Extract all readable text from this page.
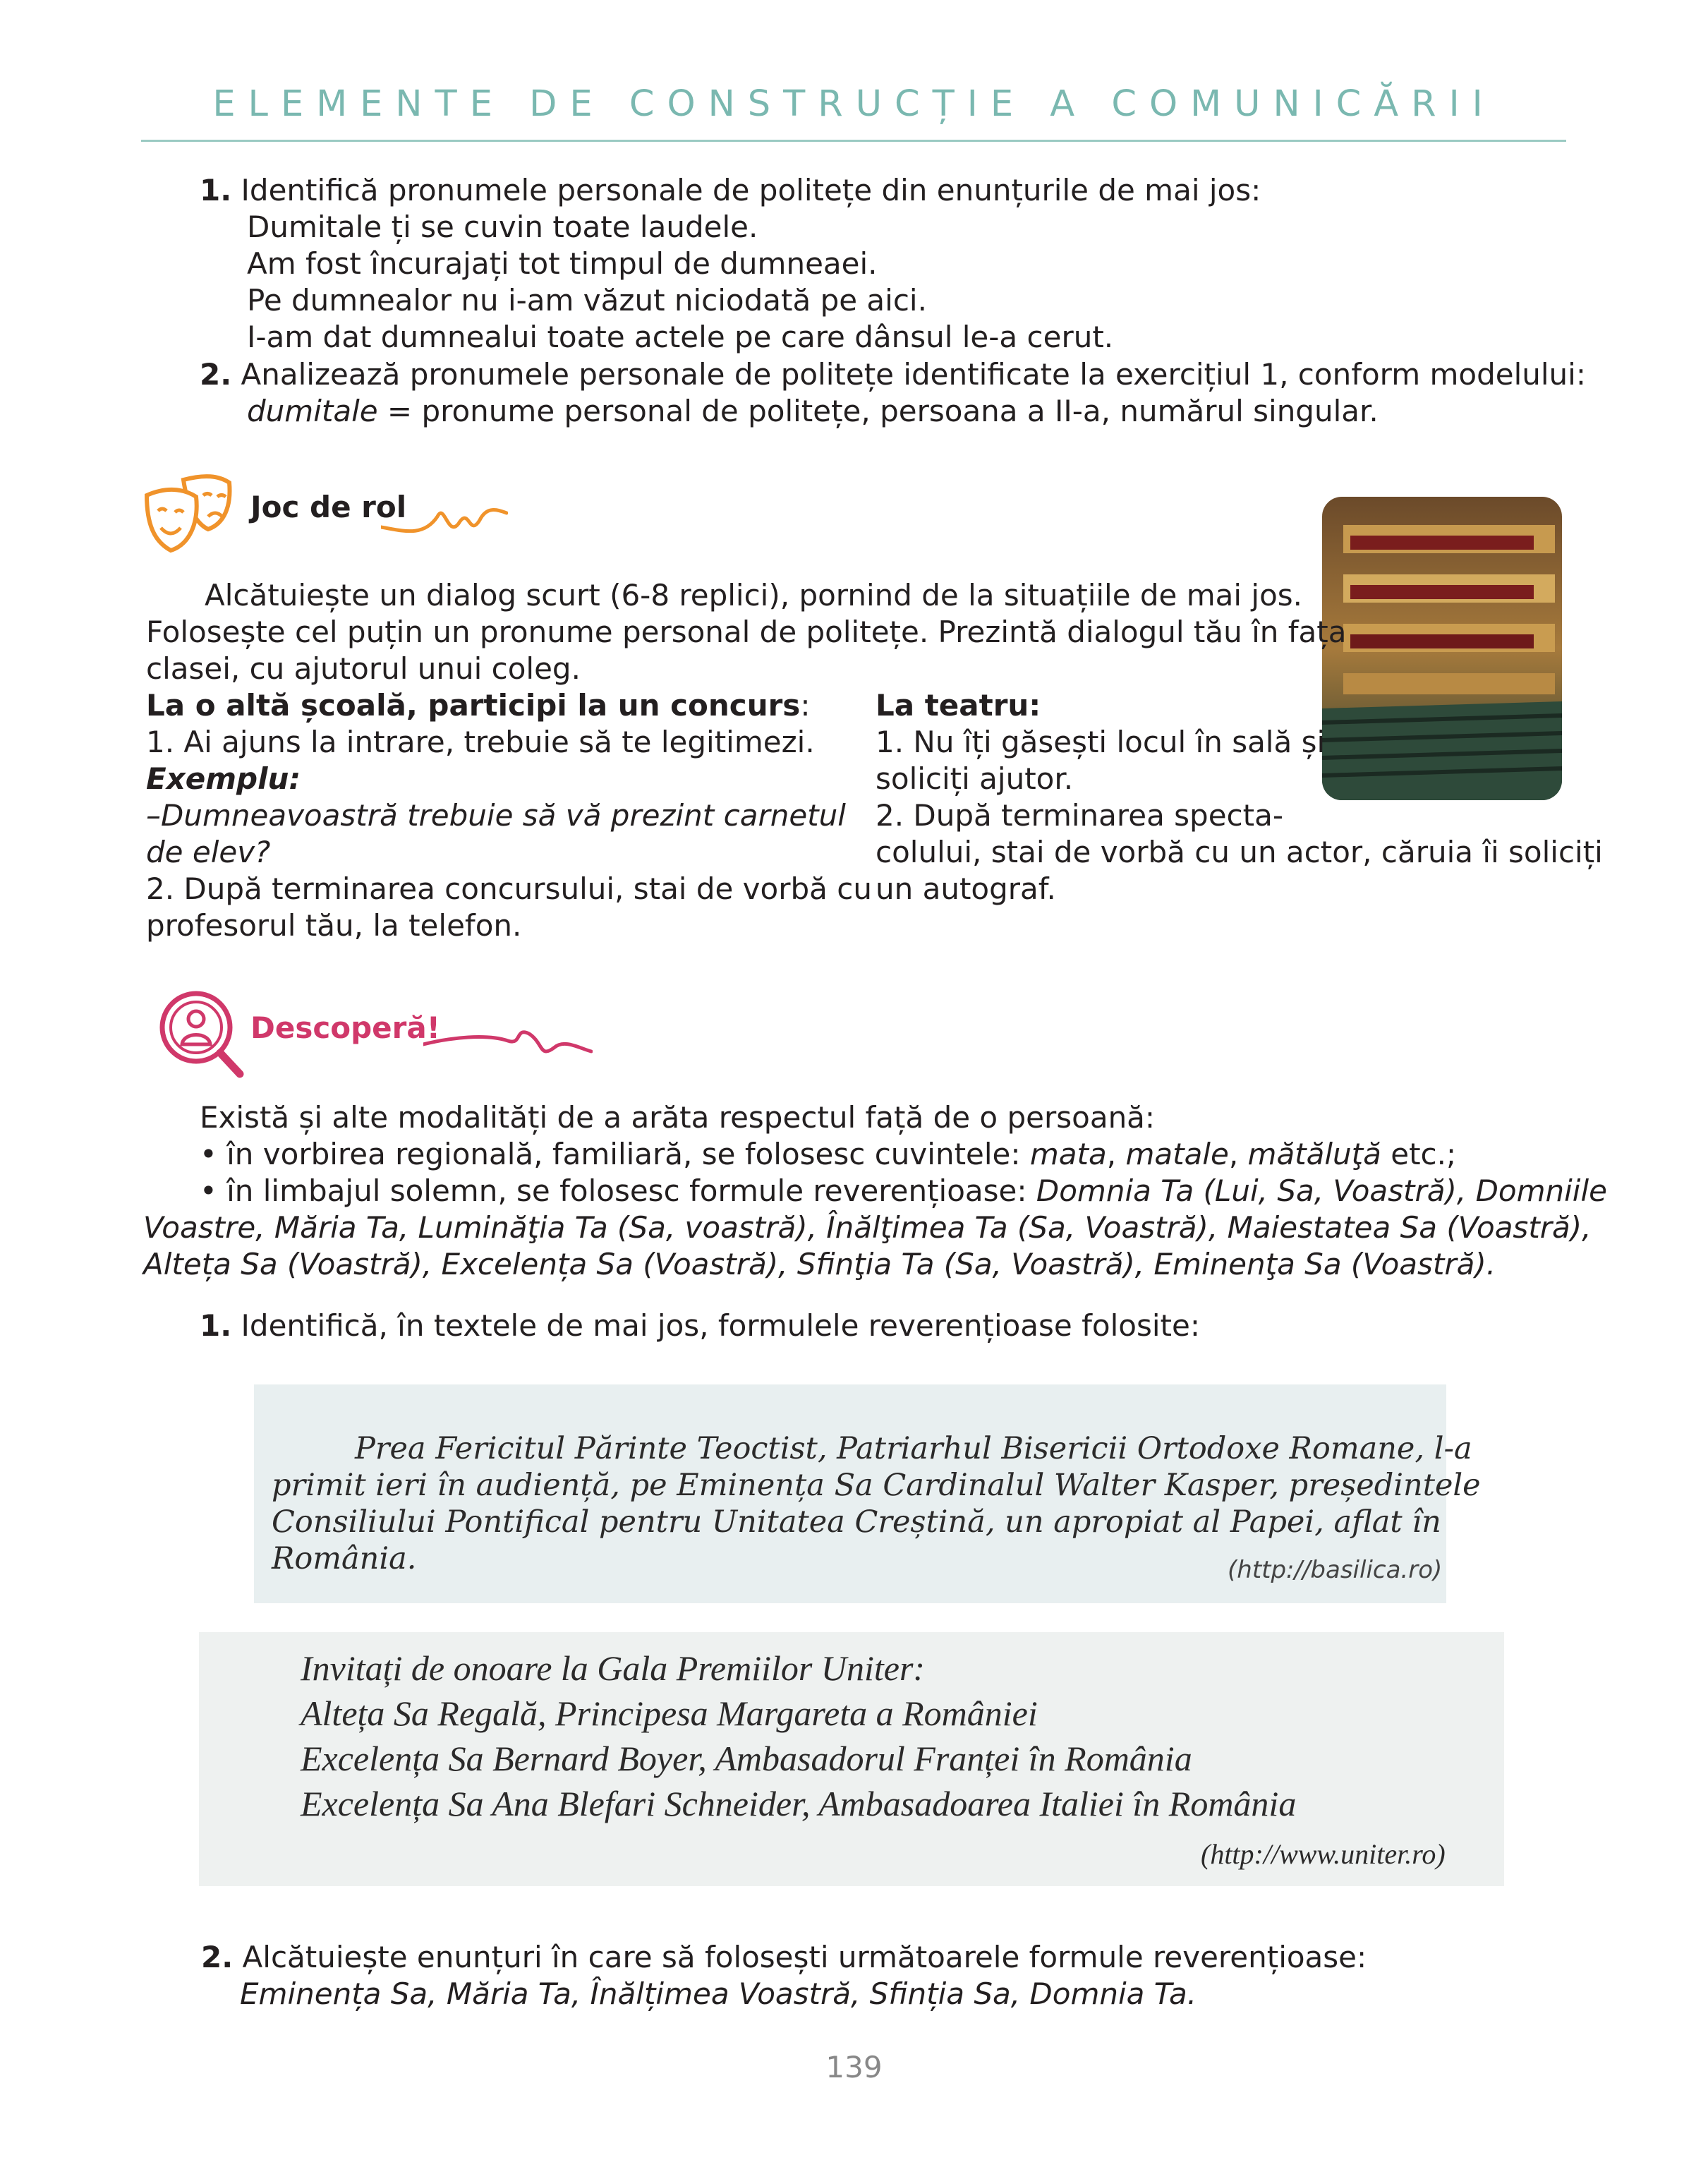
ELEMENTE DE CONSTRUCȚIE A COMUNICĂRII
1. Identifică pronumele personale de politețe din enunțurile de mai jos:
Dumitale ți se cuvin toate laudele.
Am fost încurajați tot timpul de dumneaei.
Pe dumnealor nu i-am văzut niciodată pe aici.
I-am dat dumnealui toate actele pe care dânsul le-a cerut.
2. Analizează pronumele personale de politețe identificate la exercițiul 1, conform modelului:
dumitale = pronume personal de politețe, persoana a II-a, numărul singular.
Joc de rol
Alcătuiește un dialog scurt (6-8 replici), pornind de la situațiile de mai jos.
Folosește cel puțin un pronume personal de politețe. Prezintă dialogul tău în fața
clasei, cu ajutorul unui coleg.
La o altă școală, participi la un concurs:
1. Ai ajuns la intrare, trebuie să te legitimezi.
Exemplu:
–Dumneavoastră trebuie să vă prezint carnetul
de elev?
2. După terminarea concursului, stai de vorbă cu
profesorul tău, la telefon.
La teatru:
1. Nu îți găsești locul în sală și
soliciți ajutor.
2. După terminarea specta-
colului, stai de vorbă cu un actor, căruia îi soliciți
un autograf.
Descoperă!
Există și alte modalități de a arăta respectul față de o persoană:
• în vorbirea regională, familiară, se folosesc cuvintele: mata, matale, mătăluţă etc.;
• în limbajul solemn, se folosesc formule reverențioase: Domnia Ta (Lui, Sa, Voastră), Domniile
Voastre, Măria Ta, Luminăţia Ta (Sa, voastră), Înălţimea Ta (Sa, Voastră), Maiestatea Sa (Voastră),
Alteța Sa (Voastră), Excelența Sa (Voastră), Sfinţia Ta (Sa, Voastră), Eminenţa Sa (Voastră).
1. Identifică, în textele de mai jos, formulele reverențioase folosite:
Prea Fericitul Părinte Teoctist, Patriarhul Bisericii Ortodoxe Romane, l-a
primit ieri în audiență, pe Eminența Sa Cardinalul Walter Kasper, președintele
Consiliului Pontifical pentru Unitatea Creștină, un apropiat al Papei, aflat în
România.	(http://basilica.ro)
Invitați de onoare la Gala Premiilor Uniter:
Alteța Sa Regală, Principesa Margareta a României
Excelența Sa Bernard Boyer, Ambasadorul Franței în România
Excelența Sa Ana Blefari Schneider, Ambasadoarea Italiei în România
(http://www.uniter.ro)
2. Alcătuiește enunțuri în care să folosești următoarele formule reverențioase:
Eminența Sa, Măria Ta, Înălțimea Voastră, Sfinția Sa, Domnia Ta.
139
